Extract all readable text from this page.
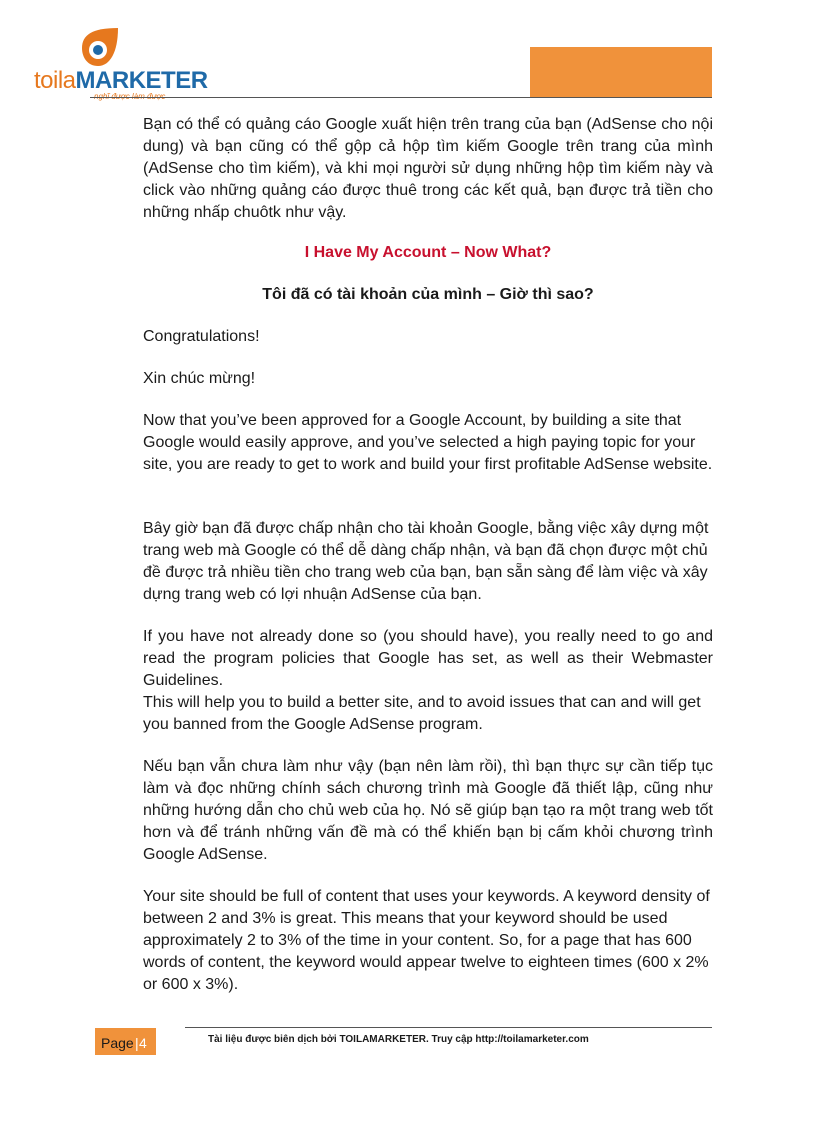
toilaMARKETER

Bạn có thể có quảng cáo Google xuất hiện trên trang của bạn (AdSense cho nội dung) và bạn cũng có thể gộp cả hộp tìm kiếm Google trên trang của mình (AdSense cho tìm kiếm), và khi mọi người sử dụng những hộp tìm kiếm này và click vào những quảng cáo được thuê trong các kết quả, bạn được trả tiền cho những nhấp chuôtk như vậy.

I Have My Account – Now What?

Tôi đã có tài khoản của mình – Giờ thì sao?

Congratulations!

Xin chúc mừng!

Now that you’ve been approved for a Google Account, by building a site that Google would easily approve, and you’ve selected a high paying topic for your site, you are ready to get to work and build your first profitable AdSense website.

Bây giờ bạn đã được chấp nhận cho tài khoản Google, bằng việc xây dựng một trang web mà Google có thể dễ dàng chấp nhận, và bạn đã chọn được một chủ đề được trả nhiều tiền cho trang web của bạn, bạn sẵn sàng để làm việc và xây dựng trang web có lợi nhuận AdSense của bạn.

If you have not already done so (you should have), you really need to go and read the program policies that Google has set, as well as their Webmaster Guidelines.

This will help you to build a better site, and to avoid issues that can and will get you banned from the Google AdSense program.

Nếu bạn vẫn chưa làm như vậy (bạn nên làm rồi), thì bạn thực sự cần tiếp tục làm và đọc những chính sách chương trình mà Google đã thiết lập, cũng như những hướng dẫn cho chủ web của họ. Nó sẽ giúp bạn tạo ra một trang web tốt hơn và để tránh những vấn đề mà có thể khiến bạn bị cấm khỏi chương trình Google AdSense.

Your site should be full of content that uses your keywords. A keyword density of between 2 and 3% is great. This means that your keyword should be used approximately 2 to 3% of the time in your content. So, for a page that has 600 words of content, the keyword would appear twelve to eighteen times (600 x 2% or 600 x 3%).

Page | 4	Tài liệu được biên dịch bởi TOILAMARKETER. Truy cập http://toilamarketer.com
